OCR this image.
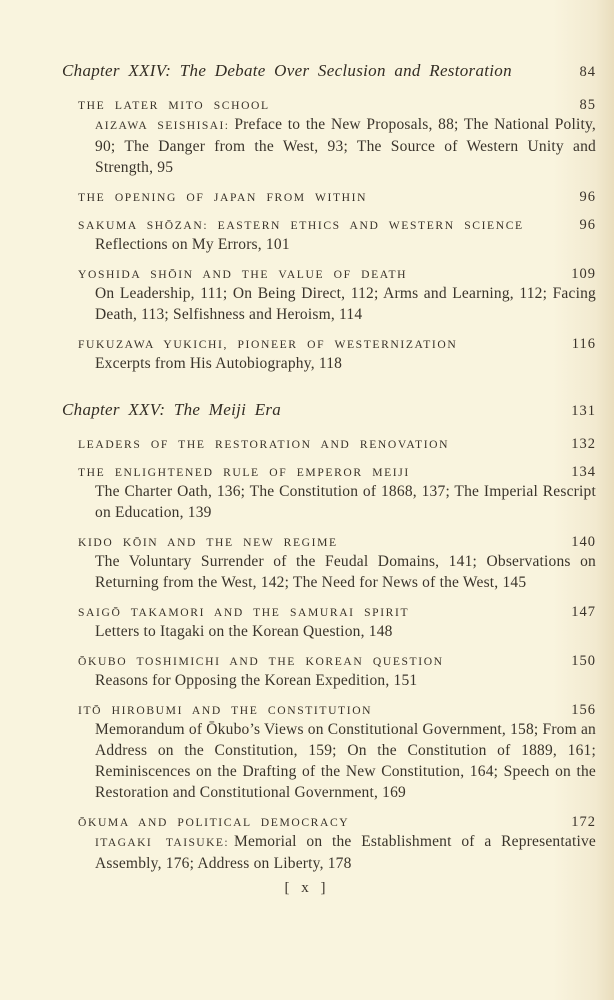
Chapter XXIV: The Debate Over Seclusion and Restoration	84
THE LATER MITO SCHOOL	85

AIZAWA SEISHISAI: Preface to the New Proposals, 88; The National Polity, 90; The Danger from the West, 93; The Source of Western Unity and Strength, 95

THE OPENING OF JAPAN FROM WITHIN	96
SAKUMA SHŌZAN: EASTERN ETHICS AND WESTERN SCIENCE	96

Reflections on My Errors, 101

YOSHIDA SHŌIN AND THE VALUE OF DEATH	109

On Leadership, 111; On Being Direct, 112; Arms and Learning, 112; Facing Death, 113; Selfishness and Heroism, 114

FUKUZAWA YUKICHI, PIONEER OF WESTERNIZATION	116

Excerpts from His Autobiography, 118

Chapter XXV: The Meiji Era	131
LEADERS OF THE RESTORATION AND RENOVATION	132
THE ENLIGHTENED RULE OF EMPEROR MEIJI	134

The Charter Oath, 136; The Constitution of 1868, 137; The Imperial Rescript on Education, 139

KIDO KŌIN AND THE NEW REGIME	140

The Voluntary Surrender of the Feudal Domains, 141; Observations on Returning from the West, 142; The Need for News of the West, 145

SAIGŌ TAKAMORI AND THE SAMURAI SPIRIT	147

Letters to Itagaki on the Korean Question, 148

ŌKUBO TOSHIMICHI AND THE KOREAN QUESTION	150

Reasons for Opposing the Korean Expedition, 151

ITŌ HIROBUMI AND THE CONSTITUTION	156

Memorandum of Ōkubo’s Views on Constitutional Government, 158; From an Address on the Constitution, 159; On the Constitution of 1889, 161; Reminiscences on the Drafting of the New Constitution, 164; Speech on the Restoration and Constitutional Government, 169

ŌKUMA AND POLITICAL DEMOCRACY	172

ITAGAKI TAISUKE: Memorial on the Establishment of a Representative Assembly, 176; Address on Liberty, 178

[ x ]
